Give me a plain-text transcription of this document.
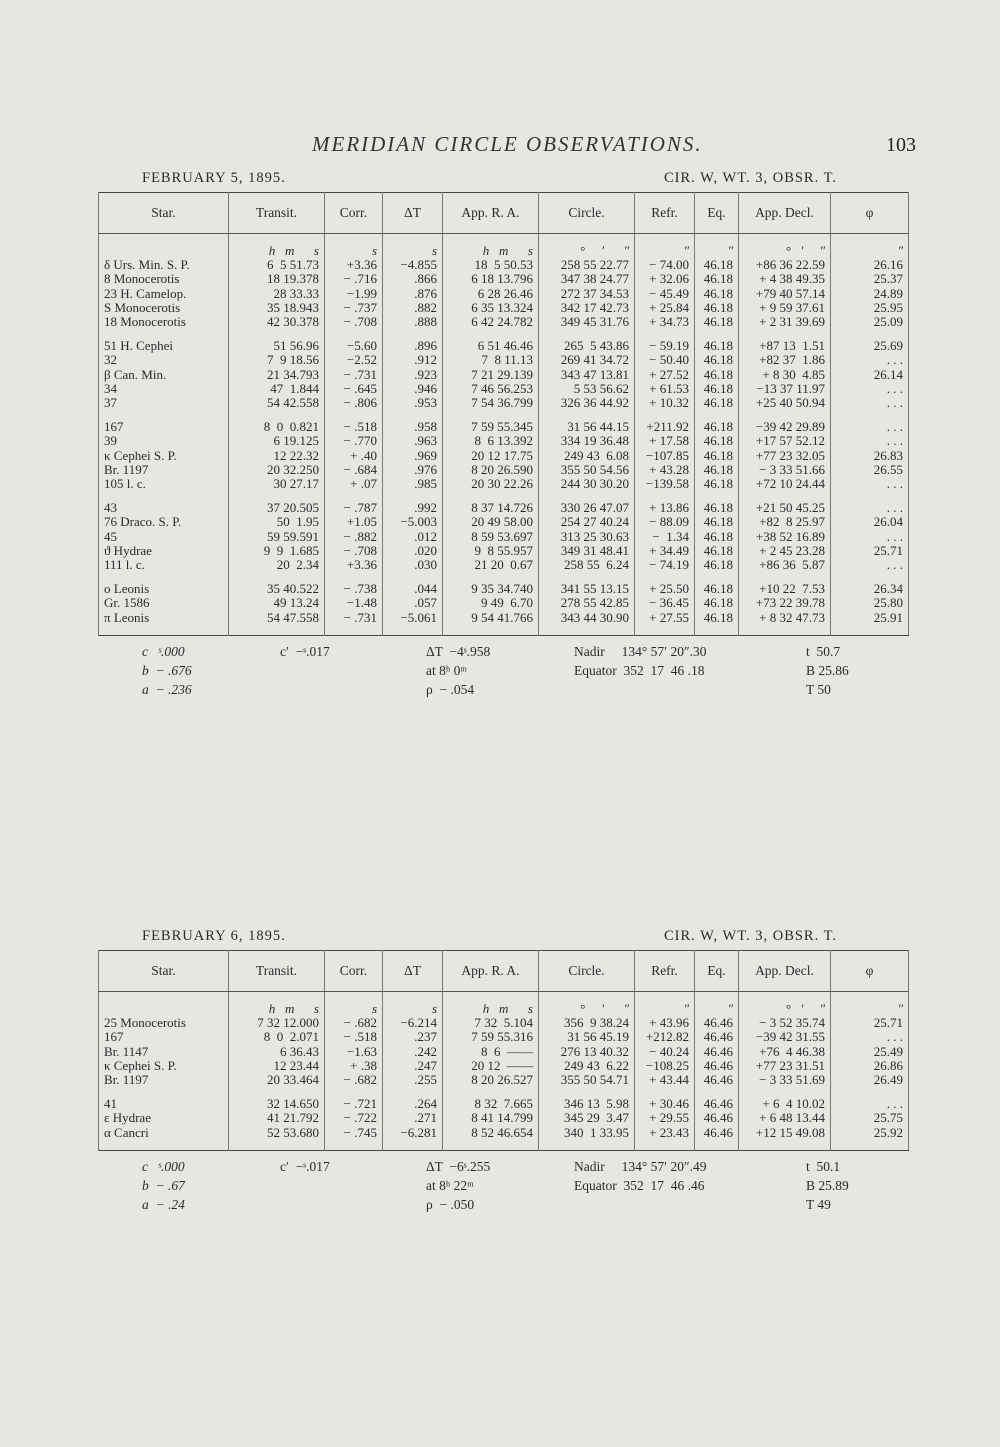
MERIDIAN CIRCLE OBSERVATIONS.	103
FEBRUARY 5, 1895.	CIR. W, WT. 3, OBSR. T.
Star.	Transit.	Corr.	ΔT	App. R. A.	Circle.	Refr.	Eq.	App. Decl.	φ
	h   m      s	s	s	h   m      s	°     ′      ″	″	″	°   ′     ″	″
δ Urs. Min. S. P.	6  5 51.73	+3.36	−4.855	18  5 50.53	258 55 22.77	− 74.00	46.18	+86 36 22.59	26.16
8 Monocerotis	18 19.378	− .716	.866	6 18 13.796	347 38 24.77	+ 32.06	46.18	+ 4 38 49.35	25.37
23 H. Camelop.	28 33.33	−1.99	.876	6 28 26.46	272 37 34.53	− 45.49	46.18	+79 40 57.14	24.89
S Monocerotis	35 18.943	− .737	.882	6 35 13.324	342 17 42.73	+ 25.84	46.18	+ 9 59 37.61	25.95
18 Monocerotis	42 30.378	− .708	.888	6 42 24.782	349 45 31.76	+ 34.73	46.18	+ 2 31 39.69	25.09

51 H. Cephei	51 56.96	−5.60	.896	6 51 46.46	265  5 43.86	− 59.19	46.18	+87 13  1.51	25.69
32	7  9 18.56	−2.52	.912	7  8 11.13	269 41 34.72	− 50.40	46.18	+82 37  1.86	. . .
β Can. Min.	21 34.793	− .731	.923	7 21 29.139	343 47 13.81	+ 27.52	46.18	+ 8 30  4.85	26.14
34	47  1.844	− .645	.946	7 46 56.253	5 53 56.62	+ 61.53	46.18	−13 37 11.97	. . .
37	54 42.558	− .806	.953	7 54 36.799	326 36 44.92	+ 10.32	46.18	+25 40 50.94	. . .

167	8  0  0.821	− .518	.958	7 59 55.345	31 56 44.15	+211.92	46.18	−39 42 29.89	. . .
39	6 19.125	− .770	.963	8  6 13.392	334 19 36.48	+ 17.58	46.18	+17 57 52.12	. . .
κ Cephei S. P.	12 22.32	+ .40	.969	20 12 17.75	249 43  6.08	−107.85	46.18	+77 23 32.05	26.83
Br. 1197	20 32.250	− .684	.976	8 20 26.590	355 50 54.56	+ 43.28	46.18	− 3 33 51.66	26.55
105 l. c.	30 27.17	+ .07	.985	20 30 22.26	244 30 30.20	−139.58	46.18	+72 10 24.44	. . .

43	37 20.505	− .787	.992	8 37 14.726	330 26 47.07	+ 13.86	46.18	+21 50 45.25	. . .
76 Draco. S. P.	50  1.95	+1.05	−5.003	20 49 58.00	254 27 40.24	− 88.09	46.18	+82  8 25.97	26.04
45	59 59.591	− .882	.012	8 59 53.697	313 25 30.63	−  1.34	46.18	+38 52 16.89	. . .
ϑ Hydrae	9  9  1.685	− .708	.020	9  8 55.957	349 31 48.41	+ 34.49	46.18	+ 2 45 23.28	25.71
111 l. c.	20  2.34	+3.36	.030	21 20  0.67	258 55  6.24	− 74.19	46.18	+86 36  5.87	. . .

ο Leonis	35 40.522	− .738	.044	9 35 34.740	341 55 13.15	+ 25.50	46.18	+10 22  7.53	26.34
Gr. 1586	49 13.24	−1.48	.057	9 49  6.70	278 55 42.85	− 36.45	46.18	+73 22 39.78	25.80
π Leonis	54 47.558	− .731	−5.061	9 54 41.766	343 44 30.90	+ 27.55	46.18	+ 8 32 47.73	25.91

c   ˢ.000
b  − .676
a  − .236
c′  −ˢ.017	ΔT  −4ˢ.958
at 8ʰ 0ᵐ
ρ  − .054
Nadir     134° 57′ 20″.30
Equator  352  17  46 .18
t  50.7
B 25.86
T 50
FEBRUARY 6, 1895.	CIR. W, WT. 3, OBSR. T.
Star.	Transit.	Corr.	ΔT	App. R. A.	Circle.	Refr.	Eq.	App. Decl.	φ
	h   m      s	s	s	h   m      s	°     ′      ″	″	″	°   ′     ″	″
25 Monocerotis	7 32 12.000	− .682	−6.214	7 32  5.104	356  9 38.24	+ 43.96	46.46	− 3 52 35.74	25.71
167	8  0  2.071	− .518	.237	7 59 55.316	31 56 45.19	+212.82	46.46	−39 42 31.55	. . .
Br. 1147	6 36.43	−1.63	.242	8  6  ——	276 13 40.32	− 40.24	46.46	+76  4 46.38	25.49
κ Cephei S. P.	12 23.44	+ .38	.247	20 12  ——	249 43  6.22	−108.25	46.46	+77 23 31.51	26.86
Br. 1197	20 33.464	− .682	.255	8 20 26.527	355 50 54.71	+ 43.44	46.46	− 3 33 51.69	26.49

41	32 14.650	− .721	.264	8 32  7.665	346 13  5.98	+ 30.46	46.46	+ 6  4 10.02	. . .
ε Hydrae	41 21.792	− .722	.271	8 41 14.799	345 29  3.47	+ 29.55	46.46	+ 6 48 13.44	25.75
α Cancri	52 53.680	− .745	−6.281	8 52 46.654	340  1 33.95	+ 23.43	46.46	+12 15 49.08	25.92

c   ˢ.000
b  − .67
a  − .24
c′  −ˢ.017	ΔT  −6ˢ.255
at 8ʰ 22ᵐ
ρ  − .050
Nadir     134° 57′ 20″.49
Equator  352  17  46 .46
t  50.1
B 25.89
T 49
